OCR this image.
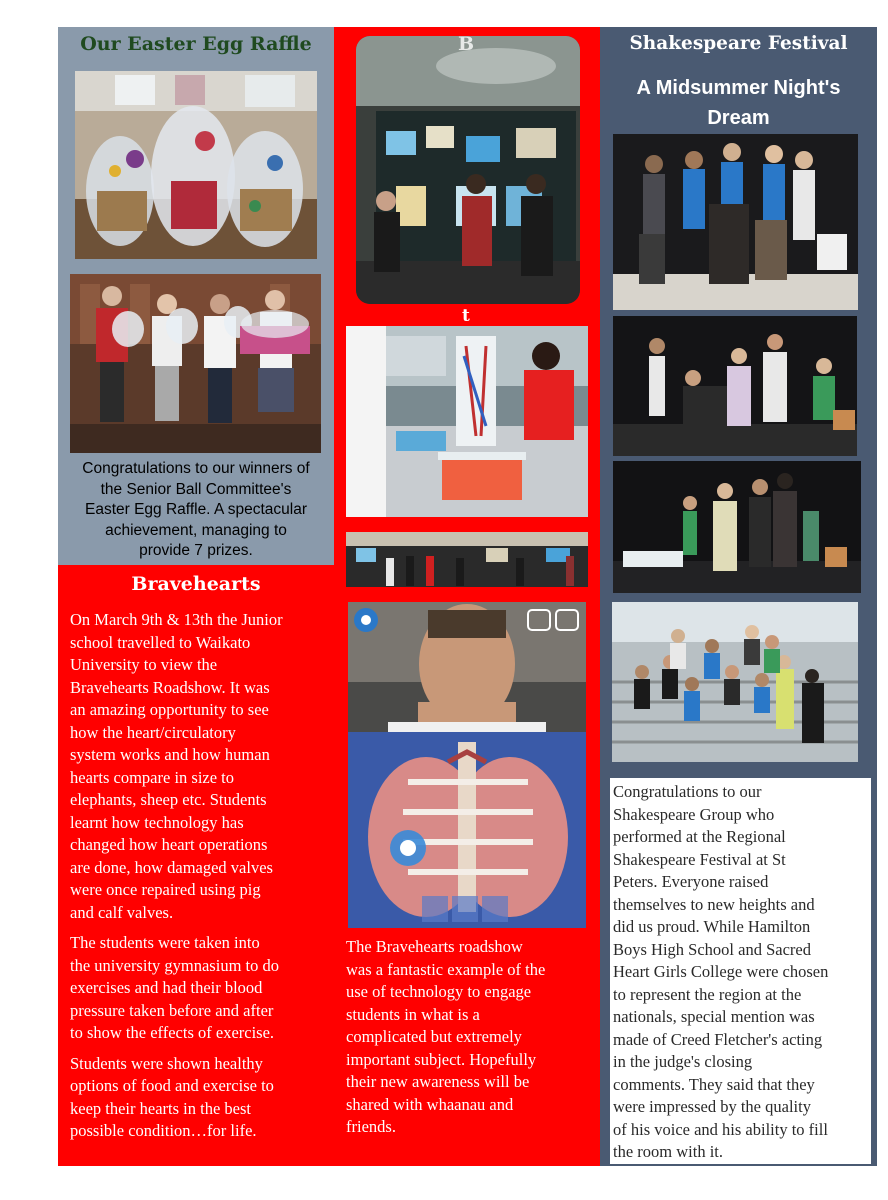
Our Easter Egg Raffle

Congratulations to our winners of

the Senior Ball Committee's

Easter Egg Raffle. A spectacular

achievement, managing to

provide 7 prizes.

Bravehearts

On March 9th & 13th the Junior

school travelled to Waikato

University to view the

Bravehearts Roadshow. It was

an amazing opportunity to see

how the heart/circulatory

system works and how human

hearts compare in size to

elephants, sheep etc. Students

learnt how technology has

changed how heart operations

are done, how damaged valves

were once repaired using pig

and calf valves.

The students were taken into

the university gymnasium to do

exercises and had their blood

pressure taken before and after

to show the effects of exercise.

Students were shown healthy

options of food and exercise to

keep their hearts in the best

possible condition…for life.

B
t

The Bravehearts roadshow

was a fantastic example of the

use of technology to engage

students in what is a

complicated but extremely

important subject. Hopefully

their new awareness will be

shared with whaanau and

friends.

Shakespeare Festival

A Midsummer Night's

Dream

Congratulations to our

Shakespeare Group who

performed at the Regional

Shakespeare Festival at St

Peters. Everyone raised

themselves to new heights and

did us proud. While Hamilton

Boys High School and Sacred

Heart Girls College were chosen

to represent the region at the

nationals, special mention was

made of Creed Fletcher's acting

in the judge's closing

comments. They said that they

were impressed by the quality

of his voice and his ability to fill

the room with it.
